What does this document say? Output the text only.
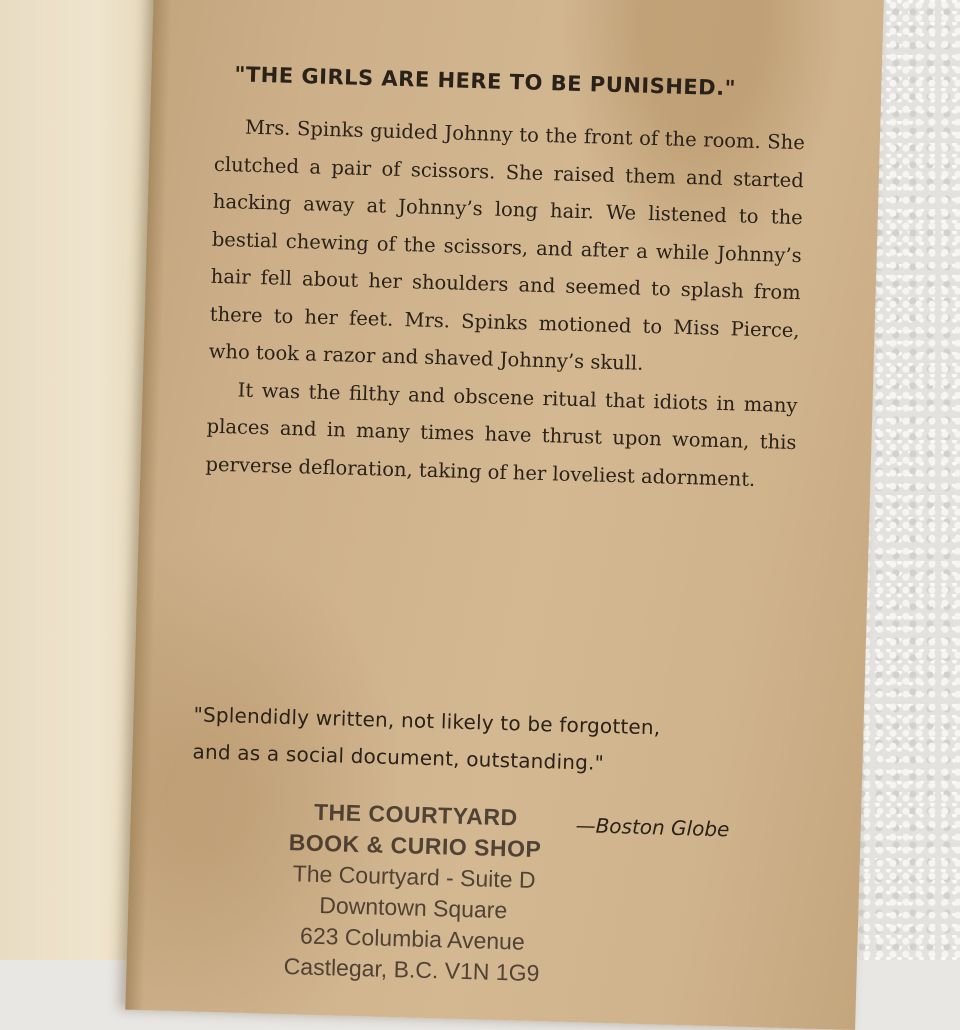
"THE GIRLS ARE HERE TO BE PUNISHED."

Mrs. Spinks guided Johnny to the front of the room. She clutched a pair of scissors. She raised them and started hacking away at Johnny’s long hair. We listened to the bestial chewing of the scissors, and after a while Johnny’s hair fell about her shoulders and seemed to splash from there to her feet. Mrs. Spinks motioned to Miss Pierce, who took a razor and shaved Johnny’s skull.

It was the filthy and obscene ritual that idiots in many places and in many times have thrust upon woman, this perverse defloration, taking of her loveliest adornment.

"Splendidly written, not likely to be forgotten,
and as a social document, outstanding."
—Boston Globe
THE COURTYARD
BOOK & CURIO SHOP
The Courtyard - Suite D
Downtown Square
623 Columbia Avenue
Castlegar, B.C. V1N 1G9
